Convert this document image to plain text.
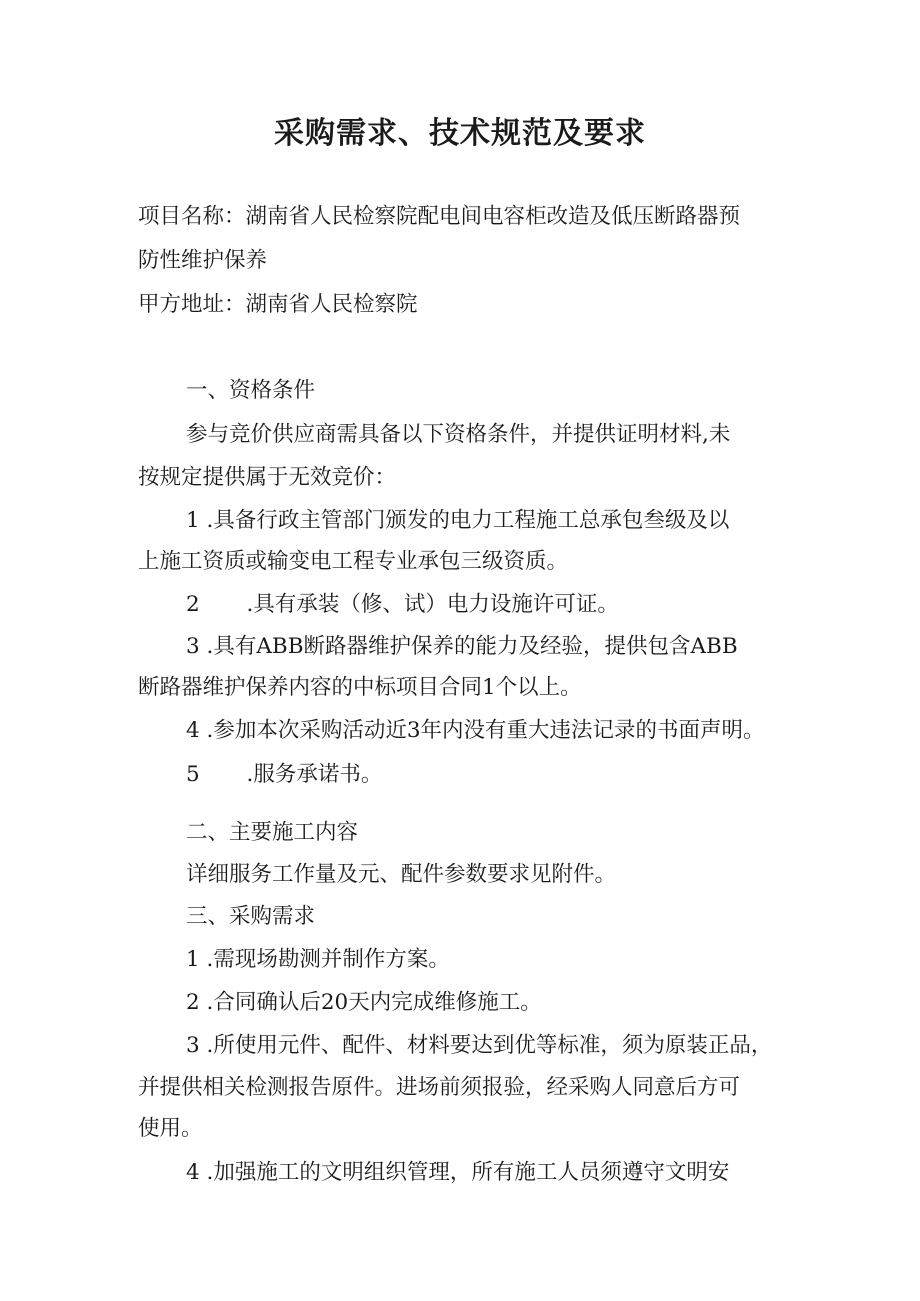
采购需求、技术规范及要求
项目名称：湖南省人民检察院配电间电容柜改造及低压断路器预
防性维护保养
甲方地址：湖南省人民检察院
一、资格条件
参与竞价供应商需具备以下资格条件，并提供证明材料,未
按规定提供属于无效竞价：
1 .具备行政主管部门颁发的电力工程施工总承包叁级及以
上施工资质或输变电工程专业承包三级资质。
2 .具有承装（修、试）电力设施许可证。
3 .具有ABB断路器维护保养的能力及经验，提供包含ABB
断路器维护保养内容的中标项目合同1个以上。
4 .参加本次采购活动近3年内没有重大违法记录的书面声明。
5 .服务承诺书。
二、主要施工内容
详细服务工作量及元、配件参数要求见附件。
三、采购需求
1 .需现场勘测并制作方案。
2 .合同确认后20天内完成维修施工。
3 .所使用元件、配件、材料要达到优等标准，须为原装正品，
并提供相关检测报告原件。进场前须报验，经采购人同意后方可
使用。
4 .加强施工的文明组织管理，所有施工人员须遵守文明安
